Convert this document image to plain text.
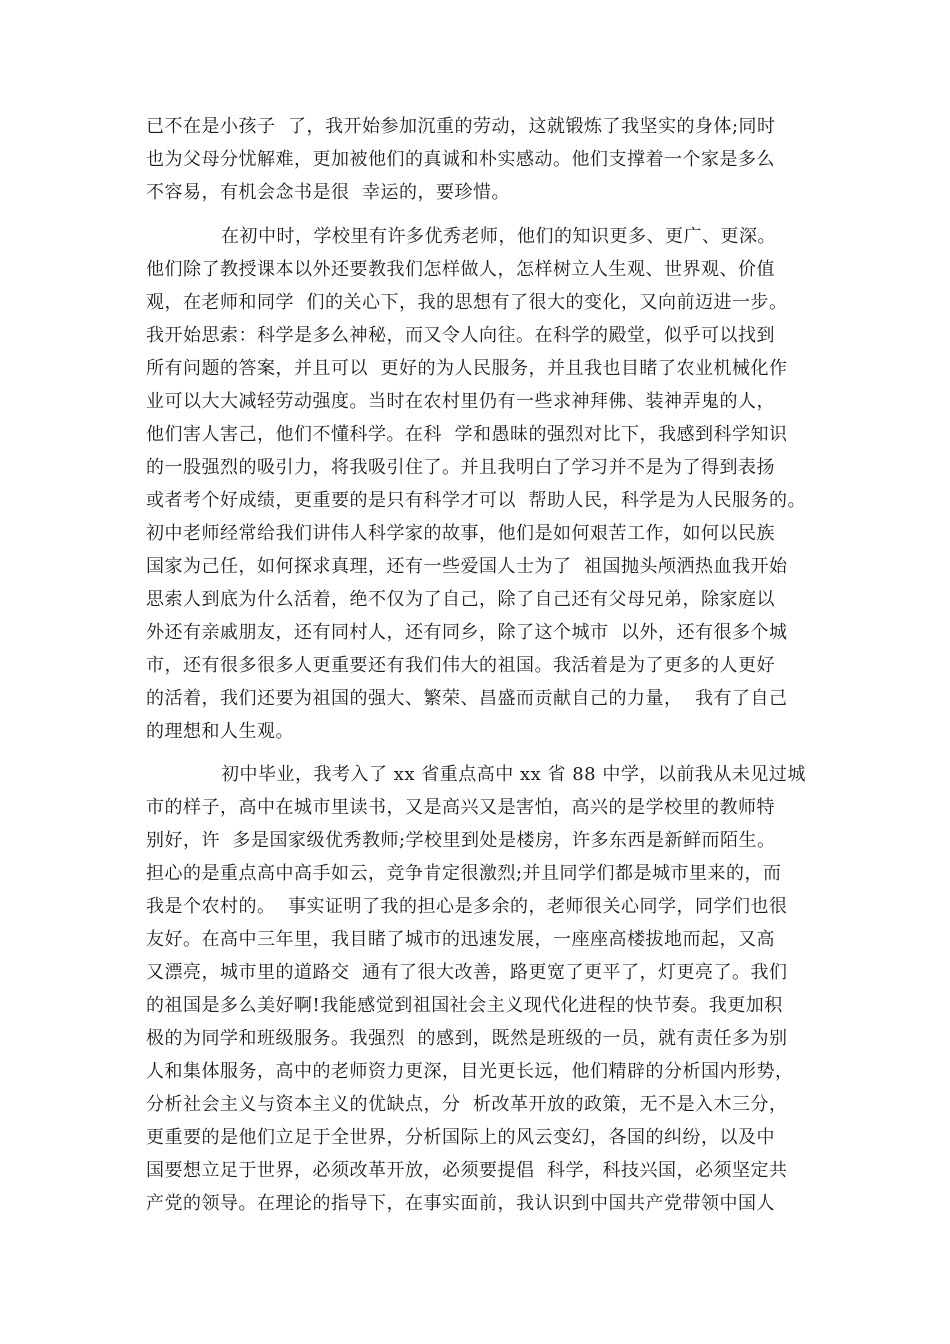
已不在是小孩子  了，我开始参加沉重的劳动，这就锻炼了我坚实的身体;同时
也为父母分忧解难，更加被他们的真诚和朴实感动。他们支撑着一个家是多么
不容易，有机会念书是很  幸运的，要珍惜。
在初中时，学校里有许多优秀老师，他们的知识更多、更广、更深。
他们除了教授课本以外还要教我们怎样做人，怎样树立人生观、世界观、价值
观，在老师和同学  们的关心下，我的思想有了很大的变化，又向前迈进一步。
我开始思索：科学是多么神秘，而又令人向往。在科学的殿堂，似乎可以找到
所有问题的答案，并且可以  更好的为人民服务，并且我也目睹了农业机械化作
业可以大大减轻劳动强度。当时在农村里仍有一些求神拜佛、装神弄鬼的人，
他们害人害己，他们不懂科学。在科  学和愚昧的强烈对比下，我感到科学知识
的一股强烈的吸引力，将我吸引住了。并且我明白了学习并不是为了得到表扬
或者考个好成绩，更重要的是只有科学才可以  帮助人民，科学是为人民服务的。
初中老师经常给我们讲伟人科学家的故事，他们是如何艰苦工作，如何以民族
国家为己任，如何探求真理，还有一些爱国人士为了  祖国抛头颅洒热血我开始
思索人到底为什么活着，绝不仅为了自己，除了自己还有父母兄弟，除家庭以
外还有亲戚朋友，还有同村人，还有同乡，除了这个城市  以外，还有很多个城
市，还有很多很多人更重要还有我们伟大的祖国。我活着是为了更多的人更好
的活着，我们还要为祖国的强大、繁荣、昌盛而贡献自己的力量，  我有了自己
的理想和人生观。
初中毕业，我考入了 xx 省重点高中 xx 省 88 中学，以前我从未见过城
市的样子，高中在城市里读书，又是高兴又是害怕，高兴的是学校里的教师特
别好，许  多是国家级优秀教师;学校里到处是楼房，许多东西是新鲜而陌生。
担心的是重点高中高手如云，竞争肯定很激烈;并且同学们都是城市里来的，而
我是个农村的。  事实证明了我的担心是多余的，老师很关心同学，同学们也很
友好。在高中三年里，我目睹了城市的迅速发展，一座座高楼拔地而起，又高
又漂亮，城市里的道路交  通有了很大改善，路更宽了更平了，灯更亮了。我们
的祖国是多么美好啊!我能感觉到祖国社会主义现代化进程的快节奏。我更加积
极的为同学和班级服务。我强烈  的感到，既然是班级的一员，就有责任多为别
人和集体服务，高中的老师资力更深，目光更长远，他们精辟的分析国内形势，
分析社会主义与资本主义的优缺点，分  析改革开放的政策，无不是入木三分，
更重要的是他们立足于全世界，分析国际上的风云变幻，各国的纠纷，以及中
国要想立足于世界，必须改革开放，必须要提倡  科学，科技兴国，必须坚定共
产党的领导。在理论的指导下，在事实面前，我认识到中国共产党带领中国人
